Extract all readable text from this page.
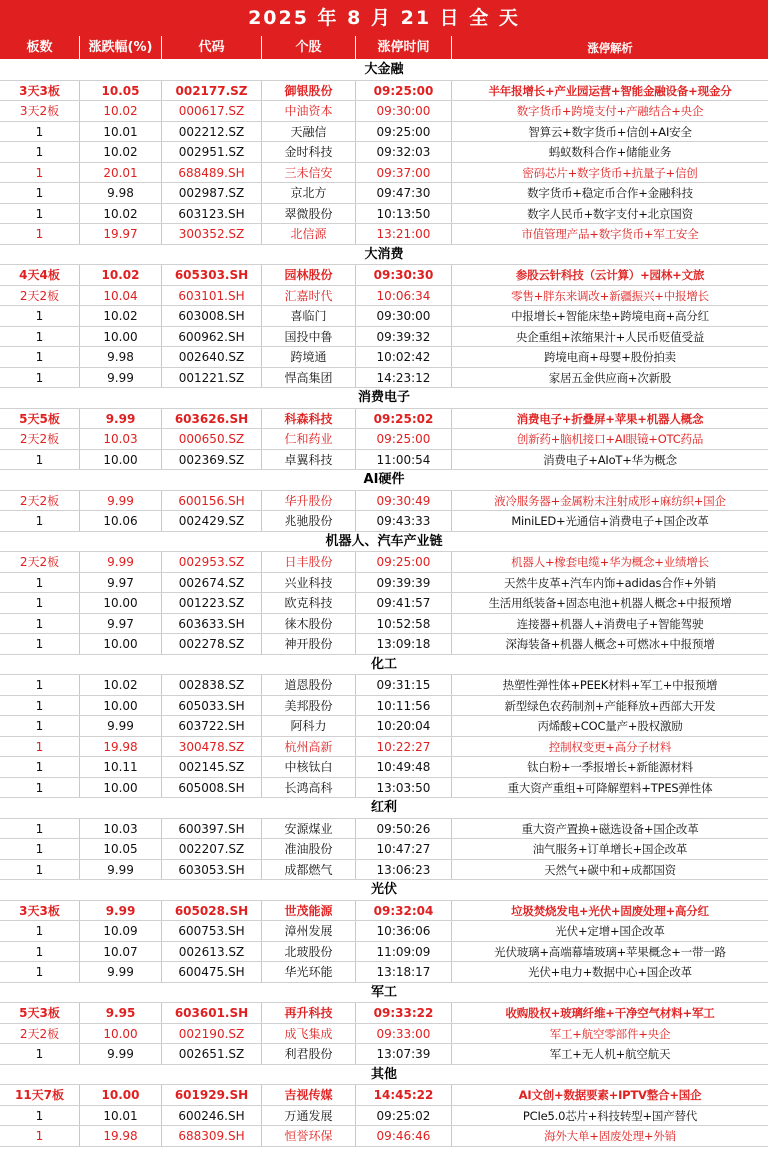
2025 年 8 月 21 日 全 天
板数	涨跌幅(%)	代码	个股	涨停时间	涨停解析
大金融
3天3板	10.05	002177.SZ	御银股份	09:25:00	半年报增长+产业园运营+智能金融设备+现金分
3天2板	10.02	000617.SZ	中油资本	09:30:00	数字货币+跨境支付+产融结合+央企
1	10.01	002212.SZ	天融信	09:25:00	智算云+数字货币+信创+AI安全
1	10.02	002951.SZ	金时科技	09:32:03	蚂蚁数科合作+储能业务
1	20.01	688489.SH	三未信安	09:37:00	密码芯片+数字货币+抗量子+信创
1	9.98	002987.SZ	京北方	09:47:30	数字货币+稳定币合作+金融科技
1	10.02	603123.SH	翠微股份	10:13:50	数字人民币+数字支付+北京国资
1	19.97	300352.SZ	北信源	13:21:00	市值管理产品+数字货币+军工安全
大消费
4天4板	10.02	605303.SH	园林股份	09:30:30	参股云针科技（云计算）+园林+文旅
2天2板	10.04	603101.SH	汇嘉时代	10:06:34	零售+胖东来调改+新疆振兴+中报增长
1	10.02	603008.SH	喜临门	09:30:00	中报增长+智能床垫+跨境电商+高分红
1	10.00	600962.SH	国投中鲁	09:39:32	央企重组+浓缩果汁+人民币贬值受益
1	9.98	002640.SZ	跨境通	10:02:42	跨境电商+母婴+股份拍卖
1	9.99	001221.SZ	悍高集团	14:23:12	家居五金供应商+次新股
消费电子
5天5板	9.99	603626.SH	科森科技	09:25:02	消费电子+折叠屏+苹果+机器人概念
2天2板	10.03	000650.SZ	仁和药业	09:25:00	创新药+脑机接口+AI眼镜+OTC药品
1	10.00	002369.SZ	卓翼科技	11:00:54	消费电子+AIoT+华为概念
AI硬件
2天2板	9.99	600156.SH	华升股份	09:30:49	液冷服务器+金属粉末注射成形+麻纺织+国企
1	10.06	002429.SZ	兆驰股份	09:43:33	MiniLED+光通信+消费电子+国企改革
机器人、汽车产业链
2天2板	9.99	002953.SZ	日丰股份	09:25:00	机器人+橡套电缆+华为概念+业绩增长
1	9.97	002674.SZ	兴业科技	09:39:39	天然牛皮革+汽车内饰+adidas合作+外销
1	10.00	001223.SZ	欧克科技	09:41:57	生活用纸装备+固态电池+机器人概念+中报预增
1	9.97	603633.SH	徕木股份	10:52:58	连接器+机器人+消费电子+智能驾驶
1	10.00	002278.SZ	神开股份	13:09:18	深海装备+机器人概念+可燃冰+中报预增
化工
1	10.02	002838.SZ	道恩股份	09:31:15	热塑性弹性体+PEEK材料+军工+中报预增
1	10.00	605033.SH	美邦股份	10:11:56	新型绿色农药制剂+产能释放+西部大开发
1	9.99	603722.SH	阿科力	10:20:04	丙烯酸+COC量产+股权激励
1	19.98	300478.SZ	杭州高新	10:22:27	控制权变更+高分子材料
1	10.11	002145.SZ	中核钛白	10:49:48	钛白粉+一季报增长+新能源材料
1	10.00	605008.SH	长鸿高科	13:03:50	重大资产重组+可降解塑料+TPES弹性体
红利
1	10.03	600397.SH	安源煤业	09:50:26	重大资产置换+磁选设备+国企改革
1	10.05	002207.SZ	准油股份	10:47:27	油气服务+订单增长+国企改革
1	9.99	603053.SH	成都燃气	13:06:23	天然气+碳中和+成都国资
光伏
3天3板	9.99	605028.SH	世茂能源	09:32:04	垃圾焚烧发电+光伏+固废处理+高分红
1	10.09	600753.SH	漳州发展	10:36:06	光伏+定增+国企改革
1	10.07	002613.SZ	北玻股份	11:09:09	光伏玻璃+高端幕墙玻璃+苹果概念+一带一路
1	9.99	600475.SH	华光环能	13:18:17	光伏+电力+数据中心+国企改革
军工
5天3板	9.95	603601.SH	再升科技	09:33:22	收购股权+玻璃纤维+干净空气材料+军工
2天2板	10.00	002190.SZ	成飞集成	09:33:00	军工+航空零部件+央企
1	9.99	002651.SZ	利君股份	13:07:39	军工+无人机+航空航天
其他
11天7板	10.00	601929.SH	吉视传媒	14:45:22	AI文创+数据要素+IPTV整合+国企
1	10.01	600246.SH	万通发展	09:25:02	PCIe5.0芯片+科技转型+国产替代
1	19.98	688309.SH	恒誉环保	09:46:46	海外大单+固废处理+外销
